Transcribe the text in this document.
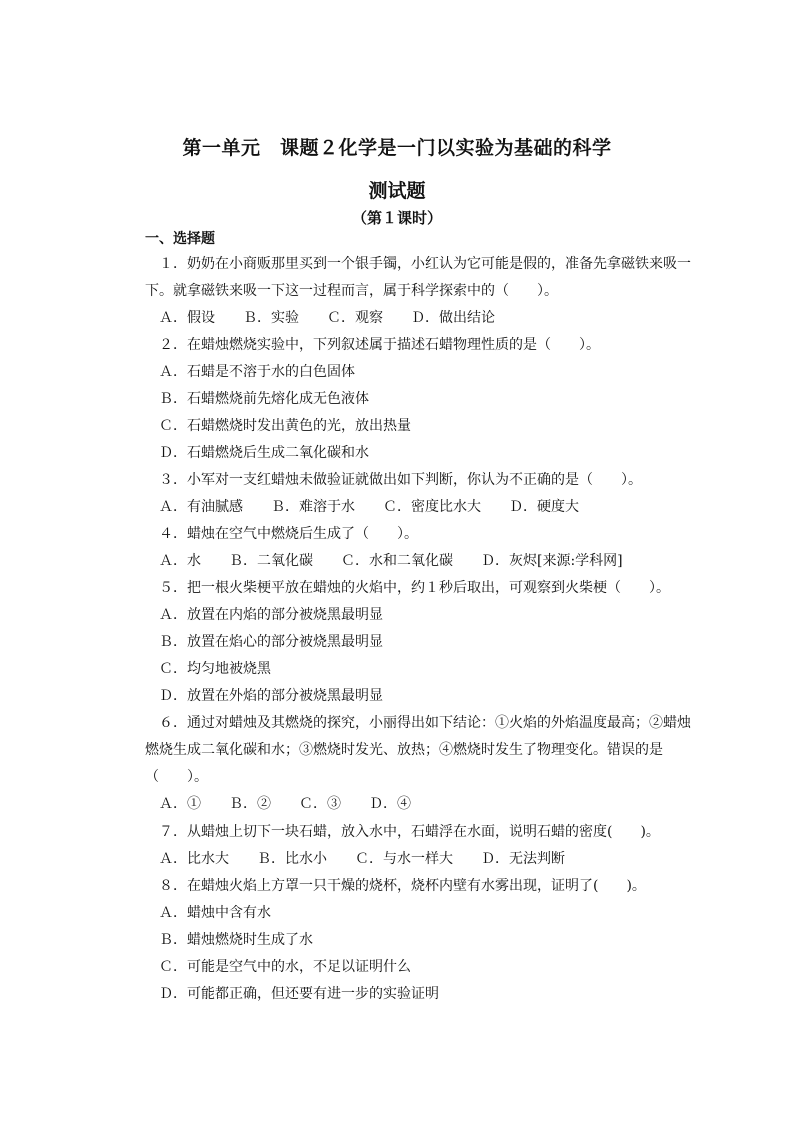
第一单元　课题２化学是一门以实验为基础的科学
测试题
（第１课时）
一、选择题
　１．奶奶在小商贩那里买到一个银手镯，小红认为它可能是假的，准备先拿磁铁来吸一
下。就拿磁铁来吸一下这一过程而言，属于科学探索中的（　　）。
　Ａ．假设　　Ｂ．实验　　Ｃ．观察　　Ｄ．做出结论
　２．在蜡烛燃烧实验中，下列叙述属于描述石蜡物理性质的是（　　）。
　Ａ．石蜡是不溶于水的白色固体
　Ｂ．石蜡燃烧前先熔化成无色液体
　Ｃ．石蜡燃烧时发出黄色的光，放出热量
　Ｄ．石蜡燃烧后生成二氧化碳和水
　３．小军对一支红蜡烛未做验证就做出如下判断，你认为不正确的是（　　）。
　Ａ．有油腻感　　Ｂ．难溶于水　　Ｃ．密度比水大　　Ｄ．硬度大
　４．蜡烛在空气中燃烧后生成了（　　）。
　Ａ．水　　Ｂ．二氧化碳　　Ｃ．水和二氧化碳　　Ｄ．灰烬[来源:学科网]
　５．把一根火柴梗平放在蜡烛的火焰中，约１秒后取出，可观察到火柴梗（　　）。
　Ａ．放置在内焰的部分被烧黑最明显
　Ｂ．放置在焰心的部分被烧黑最明显
　Ｃ．均匀地被烧黑
　Ｄ．放置在外焰的部分被烧黑最明显
　６．通过对蜡烛及其燃烧的探究，小丽得出如下结论：①火焰的外焰温度最高；②蜡烛
燃烧生成二氧化碳和水；③燃烧时发光、放热；④燃烧时发生了物理变化。错误的是
（　　）。
　Ａ．①　　Ｂ．②　　Ｃ．③　　Ｄ．④
　７．从蜡烛上切下一块石蜡，放入水中，石蜡浮在水面，说明石蜡的密度(　　)。
　Ａ．比水大　　Ｂ．比水小　　Ｃ．与水一样大　　Ｄ．无法判断
　８．在蜡烛火焰上方罩一只干燥的烧杯，烧杯内壁有水雾出现，证明了(　　)。
　Ａ．蜡烛中含有水
　Ｂ．蜡烛燃烧时生成了水
　Ｃ．可能是空气中的水，不足以证明什么
　Ｄ．可能都正确，但还要有进一步的实验证明
